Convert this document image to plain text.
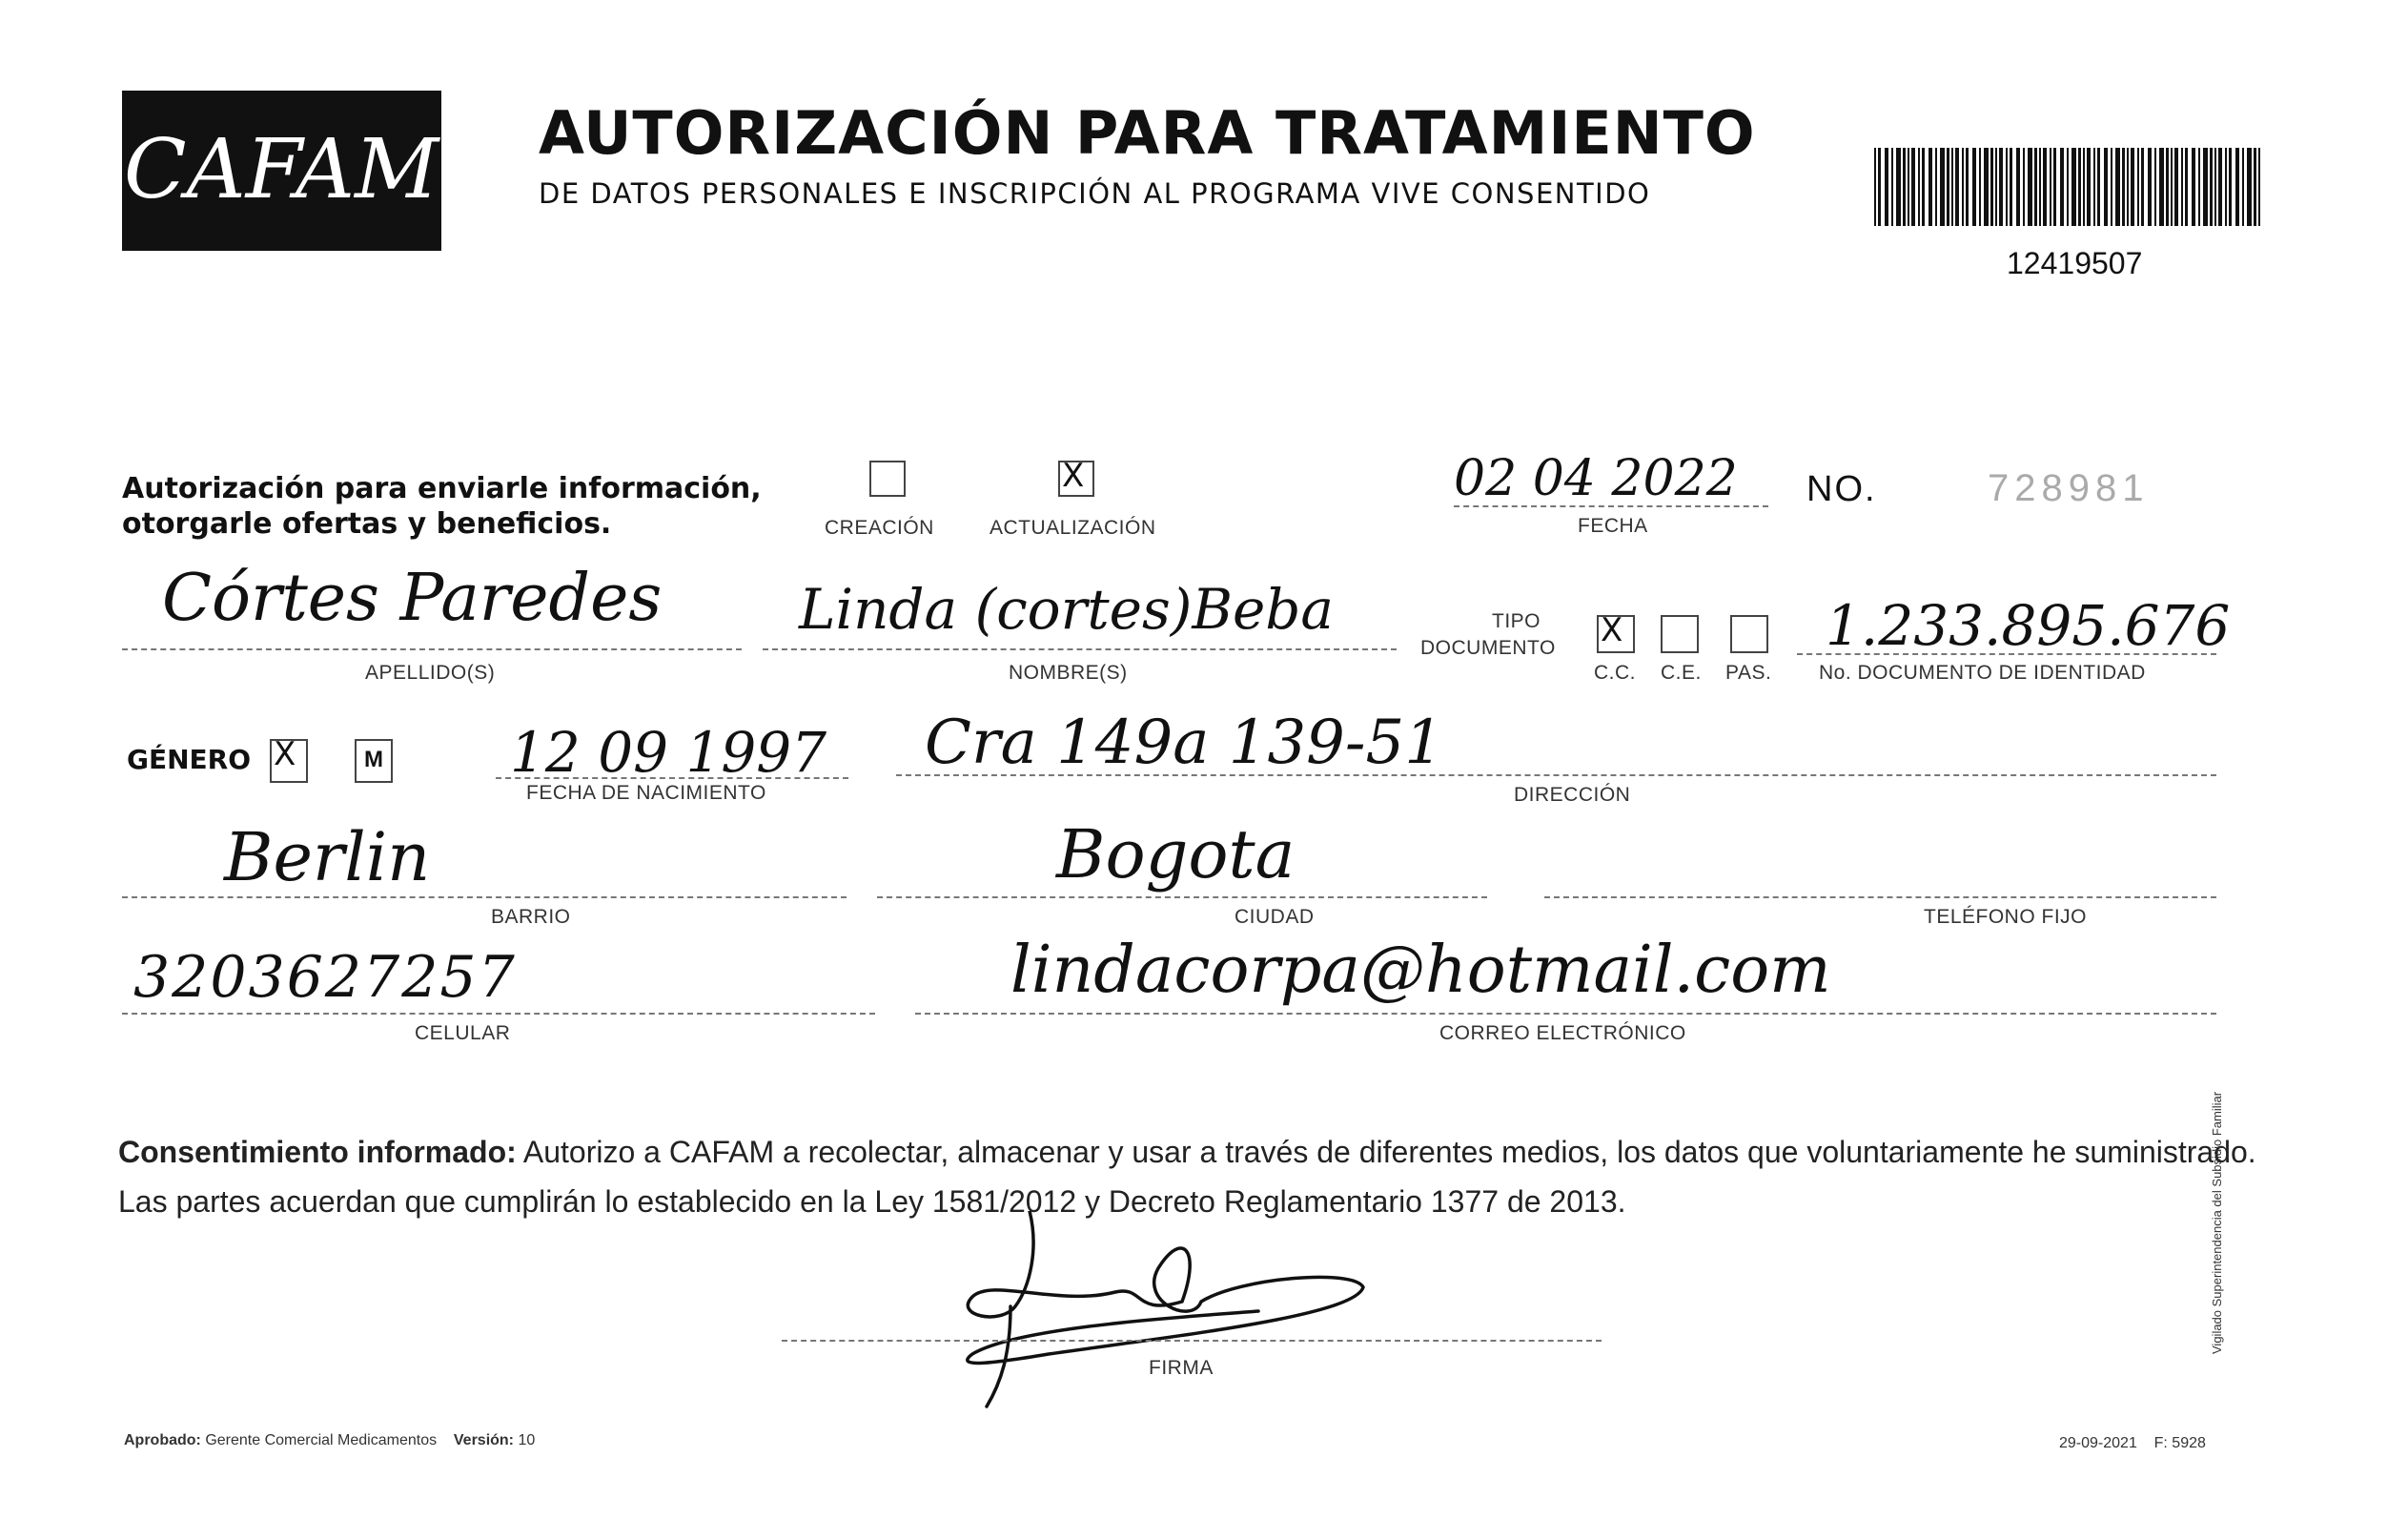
CAFAM AUTORIZACIÓN PARA TRATAMIENTO
DE DATOS PERSONALES E INSCRIPCIÓN AL PROGRAMA VIVE CONSENTIDO
12419507
Autorización para enviarle información,
otorgarle ofertas y beneficios.	CREACIÓN
X	ACTUALIZACIÓN
02 04 2022
FECHA
NO.	728981
Córtes Paredes
APELLIDO(S)
Linda (cortes)Beba
NOMBRE(S)
TIPO
DOCUMENTO
X
C.C. C.E. PAS.
1.233.895.676
No. DOCUMENTO DE IDENTIDAD
GÉNERO
X	M 12 09 1997
FECHA DE NACIMIENTO
Cra 149a 139-51
DIRECCIÓN
Berlin
BARRIO
Bogota
CIUDAD	TELÉFONO FIJO
3203627257
CELULAR
lindacorpa@hotmail.com
CORREO ELECTRÓNICO
Consentimiento informado: Autorizo a CAFAM a recolectar, almacenar y usar a través de diferentes medios, los datos que voluntariamente he suministrado.
Las partes acuerdan que cumplirán lo establecido en la Ley 1581/2012 y Decreto Reglamentario 1377 de 2013.
FIRMA
Aprobado: Gerente Comercial Medicamentos Versión: 10	29-09-2021 F: 5928
Vigilado Superintendencia del Subsidio Familiar
